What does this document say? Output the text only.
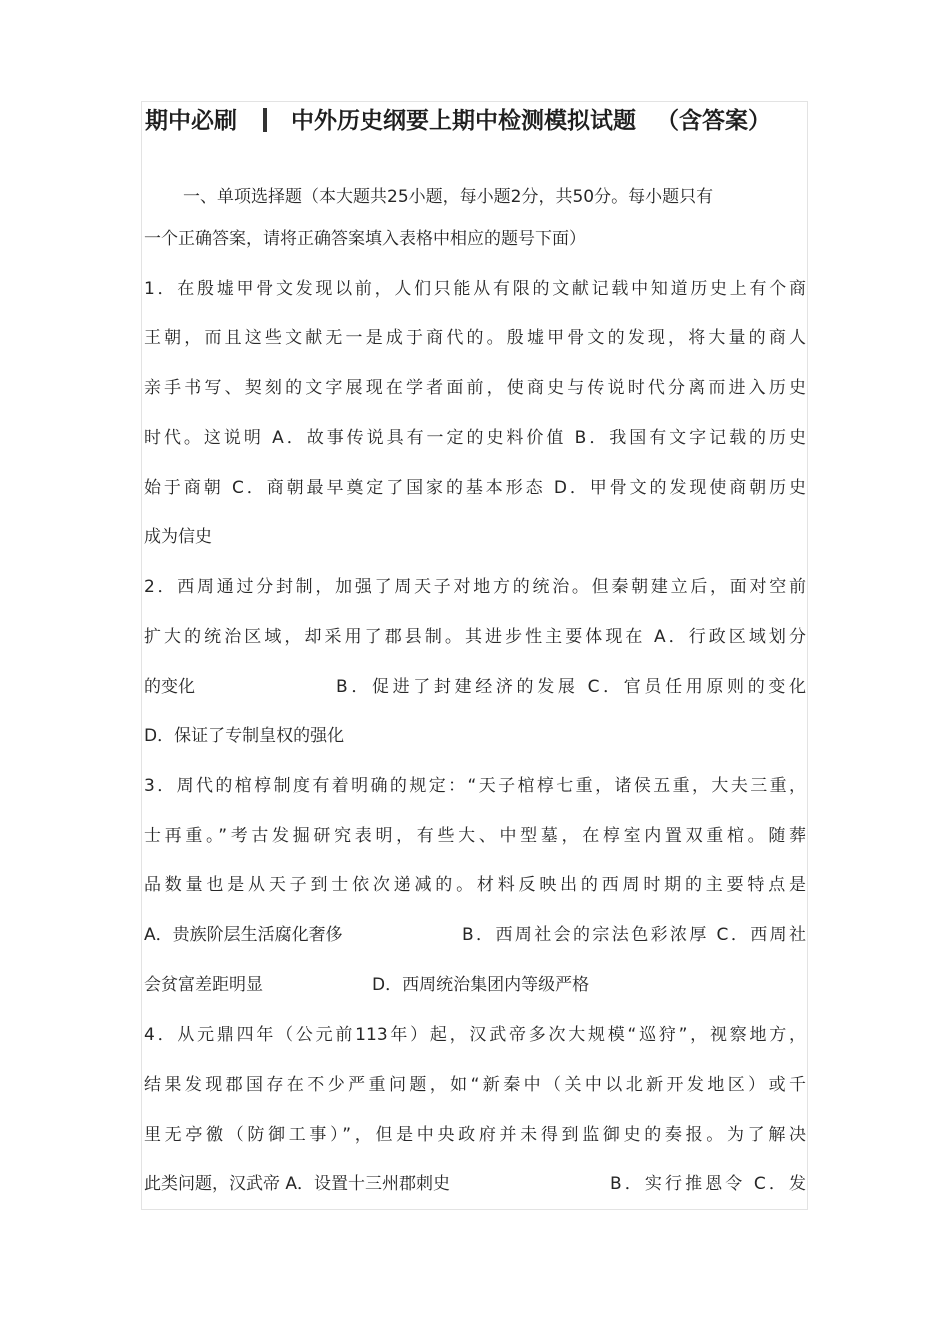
期中必刷 中外历史纲要上期中检测模拟试题 （含答案）
一、单项选择题（本大题共25小题，每小题2分，共50分。每小题只有
一个正确答案，请将正确答案填入表格中相应的题号下面）
1．在殷墟甲骨文发现以前，人们只能从有限的文献记载中知道历史上有个商
王朝，而且这些文献无一是成于商代的。殷墟甲骨文的发现，将大量的商人
亲手书写、契刻的文字展现在学者面前，使商史与传说时代分离而进入历史
时代。这说明 A．故事传说具有一定的史料价值 B．我国有文字记载的历史
始于商朝 C．商朝最早奠定了国家的基本形态 D．甲骨文的发现使商朝历史
成为信史
2．西周通过分封制，加强了周天子对地方的统治。但秦朝建立后，面对空前
扩大的统治区域，却采用了郡县制。其进步性主要体现在 A．行政区域划分
的变化	B．促进了封建经济的发展 C．官员任用原则的变化
D．保证了专制皇权的强化
3．周代的棺椁制度有着明确的规定：“天子棺椁七重，诸侯五重，大夫三重，
士再重。”考古发掘研究表明，有些大、中型墓，在椁室内置双重棺。随葬
品数量也是从天子到士依次递减的。材料反映出的西周时期的主要特点是
A．贵族阶层生活腐化奢侈	B．西周社会的宗法色彩浓厚 C．西周社
会贫富差距明显	D．西周统治集团内等级严格
4．从元鼎四年（公元前113年）起，汉武帝多次大规模“巡狩”，视察地方，
结果发现郡国存在不少严重问题，如“新秦中（关中以北新开发地区）或千
里无亭徼（防御工事）”，但是中央政府并未得到监御史的奏报。为了解决
此类问题，汉武帝 A．设置十三州郡刺史	B．实行推恩令 C．发
